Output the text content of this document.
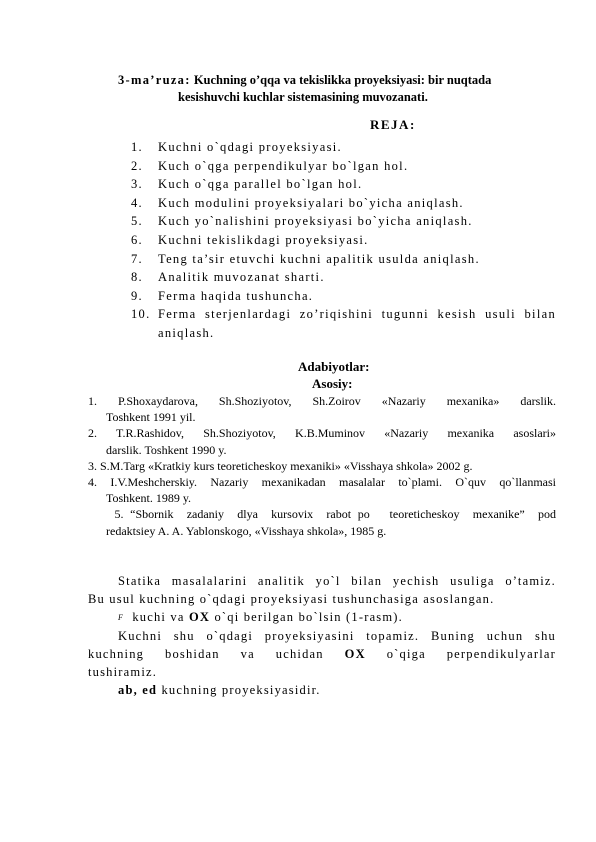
3-ma’ruza: Kuchning o’qqa va tekislikka proyeksiyasi: bir nuqtada
kesishuvchi kuchlar sistemasining muvozanati.
REJA:
1. Kuchni o`qdagi proyeksiyasi.
2. Kuch o`qga perpendikulyar bo`lgan hol.
3. Kuch o`qga parallel bo`lgan hol.
4. Kuch modulini proyeksiyalari bo`yicha aniqlash.
5. Kuch yo`nalishini proyeksiyasi bo`yicha aniqlash.
6. Kuchni tekislikdagi proyeksiyasi.
7. Teng ta’sir etuvchi kuchni apalitik usulda aniqlash.
8. Analitik muvozanat sharti.
9. Ferma haqida tushuncha.
10. Ferma sterjenlardagi zo’riqishini tugunni kesish usuli bilan aniqlash.
Adabiyotlar:
Asosiy:
1. P.Shoxaydarova, Sh.Shoziyotov, Sh.Zoirov «Nazariy mexanika» darslik.
Toshkent 1991 yil.
2. T.R.Rashidov, Sh.Shoziyotov, K.B.Muminov «Nazariy mexanika asoslari»
darslik. Toshkent 1990 y.
3. S.M.Targ «Kratkiy kurs teoreticheskoy mexaniki» «Visshaya shkola» 2002 g.
4. I.V.Meshcherskiy. Nazariy mexanikadan masalalar to`plami. O`quv qo`llanmasi
Toshkent. 1989 y.
5. “Sbornik  zadaniy  dlya  kursovix  rabot po   teoreticheskoy  mexanike”  pod
redaktsiey A. A. Yablonskogo, «Visshaya shkola», 1985 g.
Statika masalalarini analitik yo`l bilan yechish usuliga o’tamiz.
Bu usul kuchning o`qdagi proyeksiyasi tushunchasiga asoslangan.
F kuchi va OX o`qi berilgan bo`lsin (1-rasm).
Kuchni shu o`qdagi proyeksiyasini topamiz. Buning uchun shu
kuchning    boshidan    va    uchidan OX o`qiga    perpendikulyarlar
tushiramiz.
ab, ed kuchning proyeksiyasidir.
